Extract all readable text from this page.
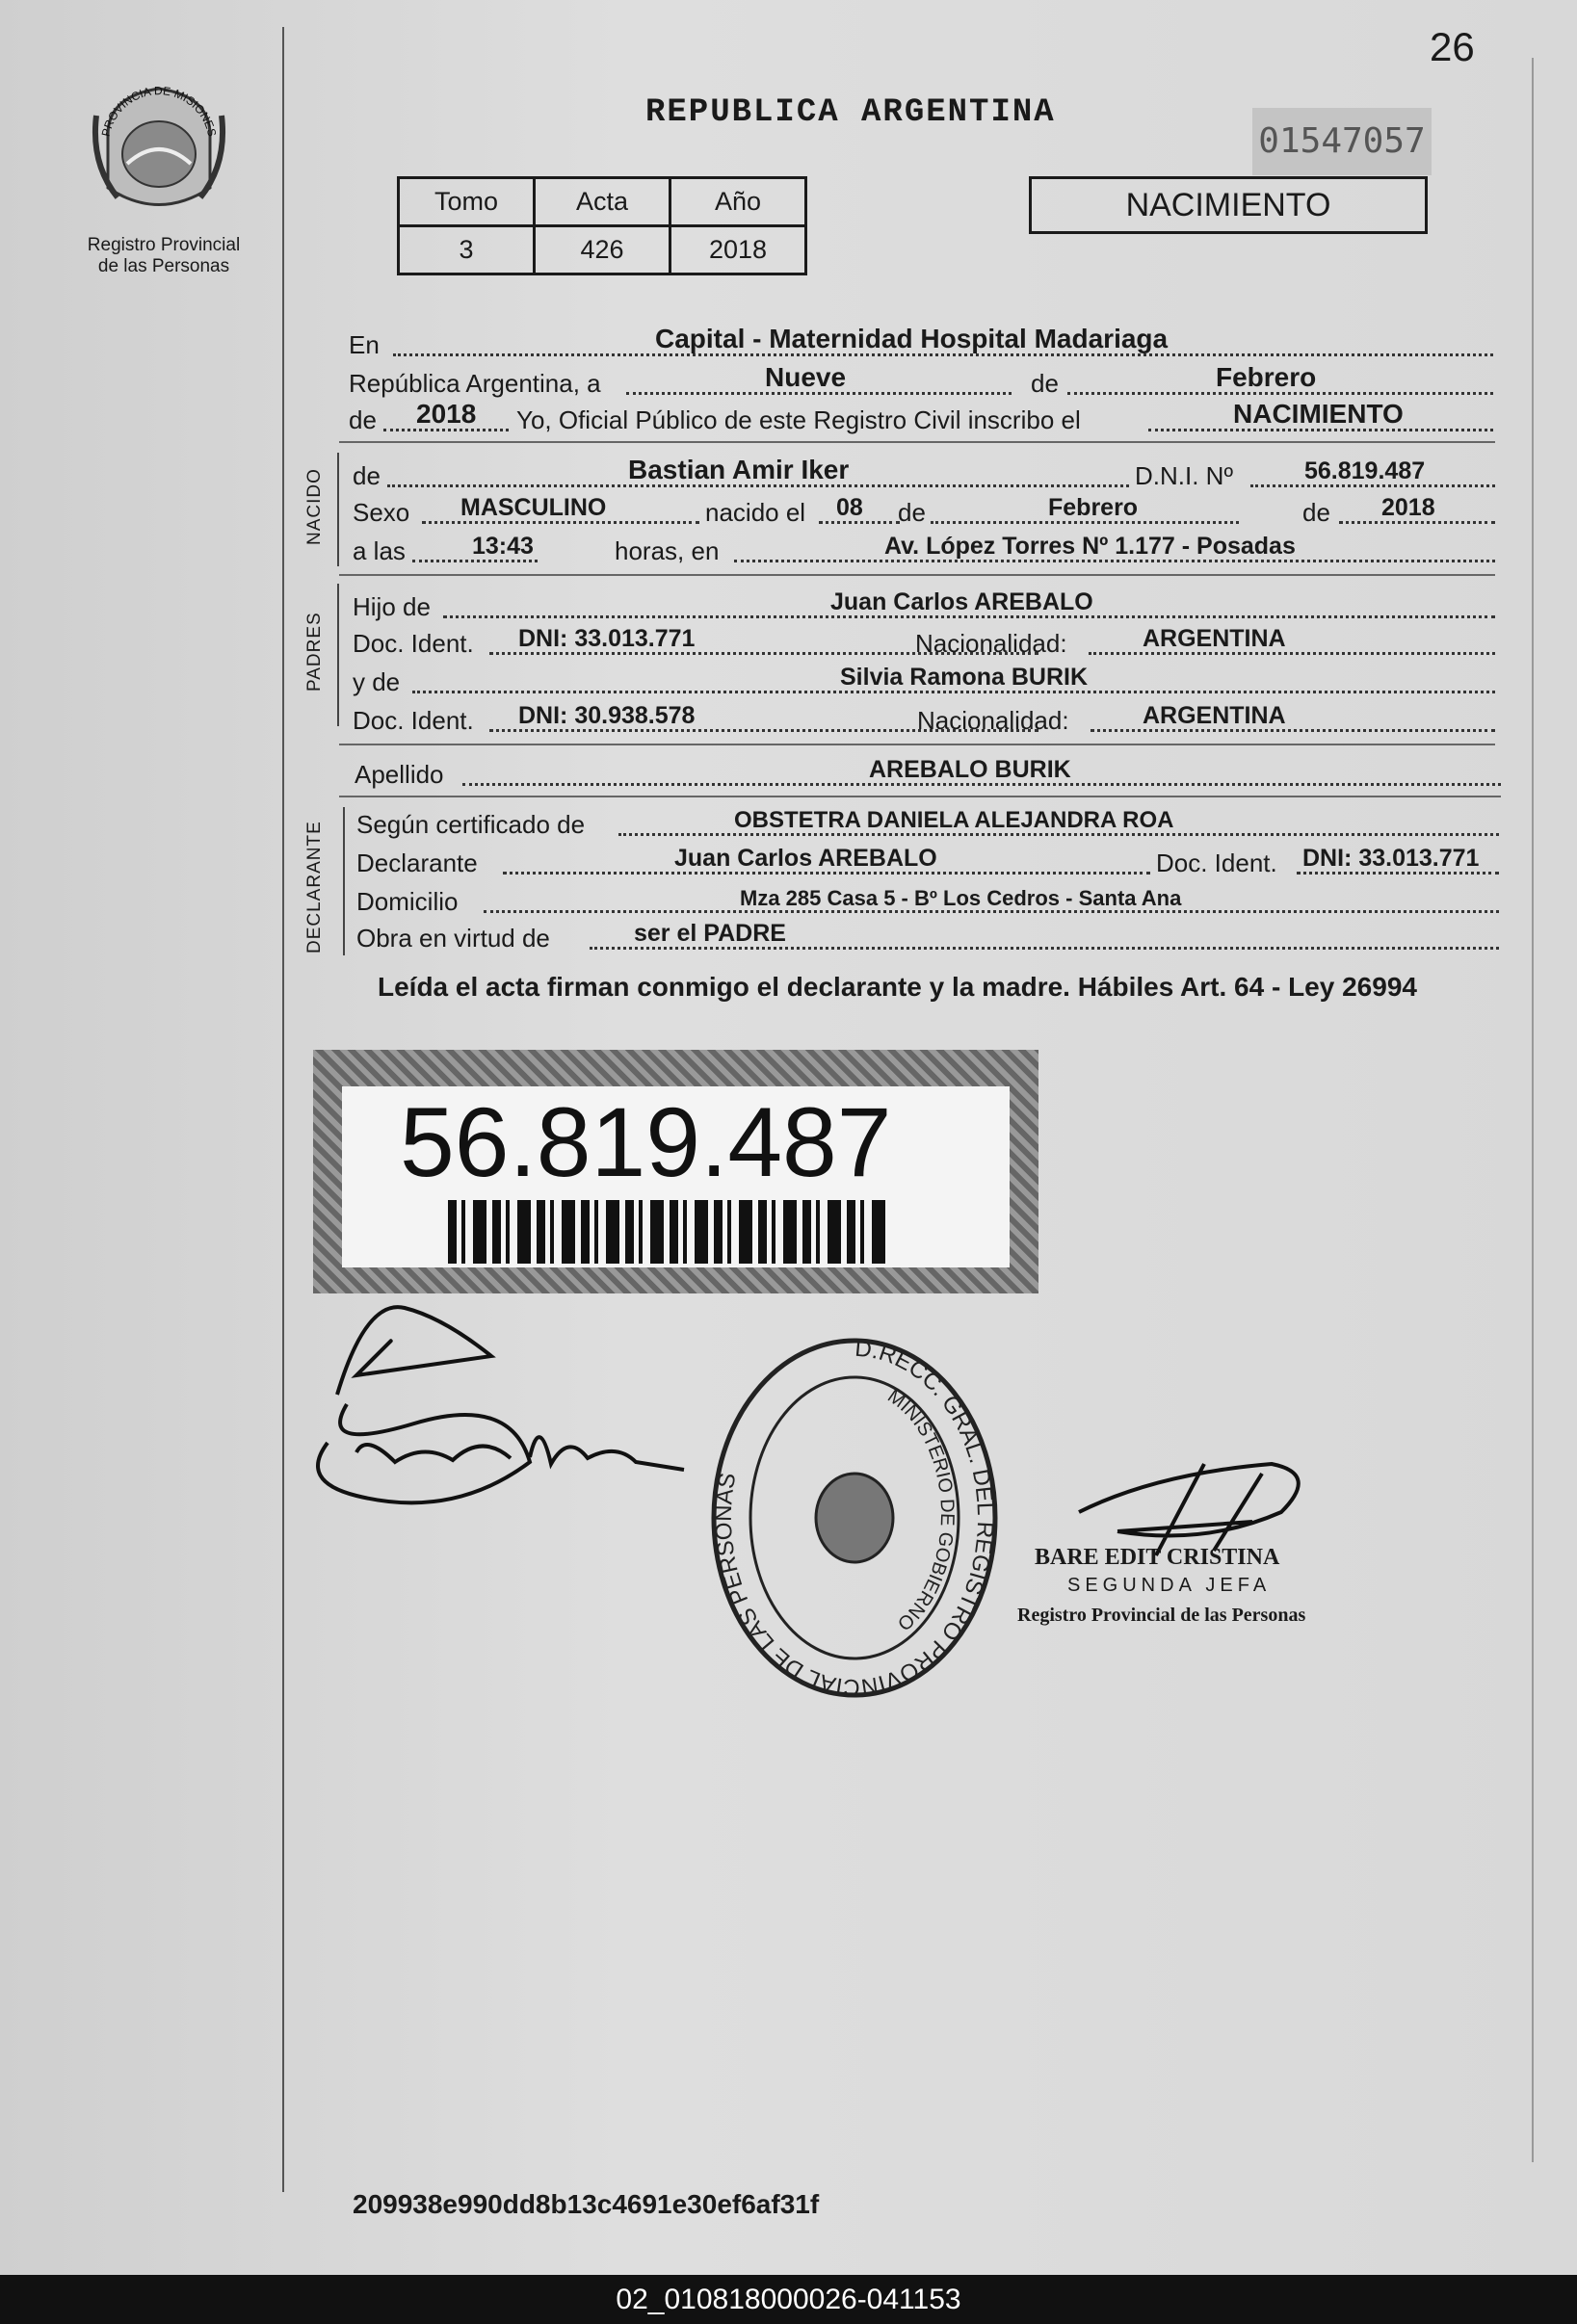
26
PROVINCIA DE MISIONES
Registro Provincial
de las Personas
REPUBLICA ARGENTINA
01547057
Tomo	Acta	Año
3	426	2018
NACIMIENTO
En	Capital - Maternidad Hospital Madariaga
República Argentina, a	Nueve	de	Febrero
de 2018 Yo, Oficial Público de este Registro Civil inscribo el	NACIMIENTO
NACIDO de	Bastian Amir Iker	D.N.I. Nº	56.819.487
Sexo MASCULINO	nacido el 08 de	Febrero	de 2018
a las	13:43	horas, en	Av. López Torres Nº 1.177 - Posadas
PADRES
Hijo de	Juan Carlos AREBALO
Doc. Ident. DNI: 33.013.771	Nacionalidad:	ARGENTINA
y de	Silvia Ramona BURIK
Doc. Ident. DNI: 30.938.578	Nacionalidad:	ARGENTINA
Apellido	AREBALO BURIK
DECLARANTE Según certificado de	OBSTETRA DANIELA ALEJANDRA ROA
Declarante	Juan Carlos AREBALO	Doc. Ident. DNI: 33.013.771
Domicilio	Mza 285 Casa 5 - Bº Los Cedros - Santa Ana
Obra en virtud de	ser el PADRE
Leída el acta firman conmigo el declarante y la madre. Hábiles Art. 64 - Ley 26994
56.819.487
D.RECC. GRAL. DEL REGISTRO PROVINCIAL DE LAS PERSONAS
MINISTERIO DE GOBIERNO
BARE EDIT CRISTINA
SEGUNDA JEFA
Registro Provincial de las Personas
209938e990dd8b13c4691e30ef6af31f
02_010818000026-041153
